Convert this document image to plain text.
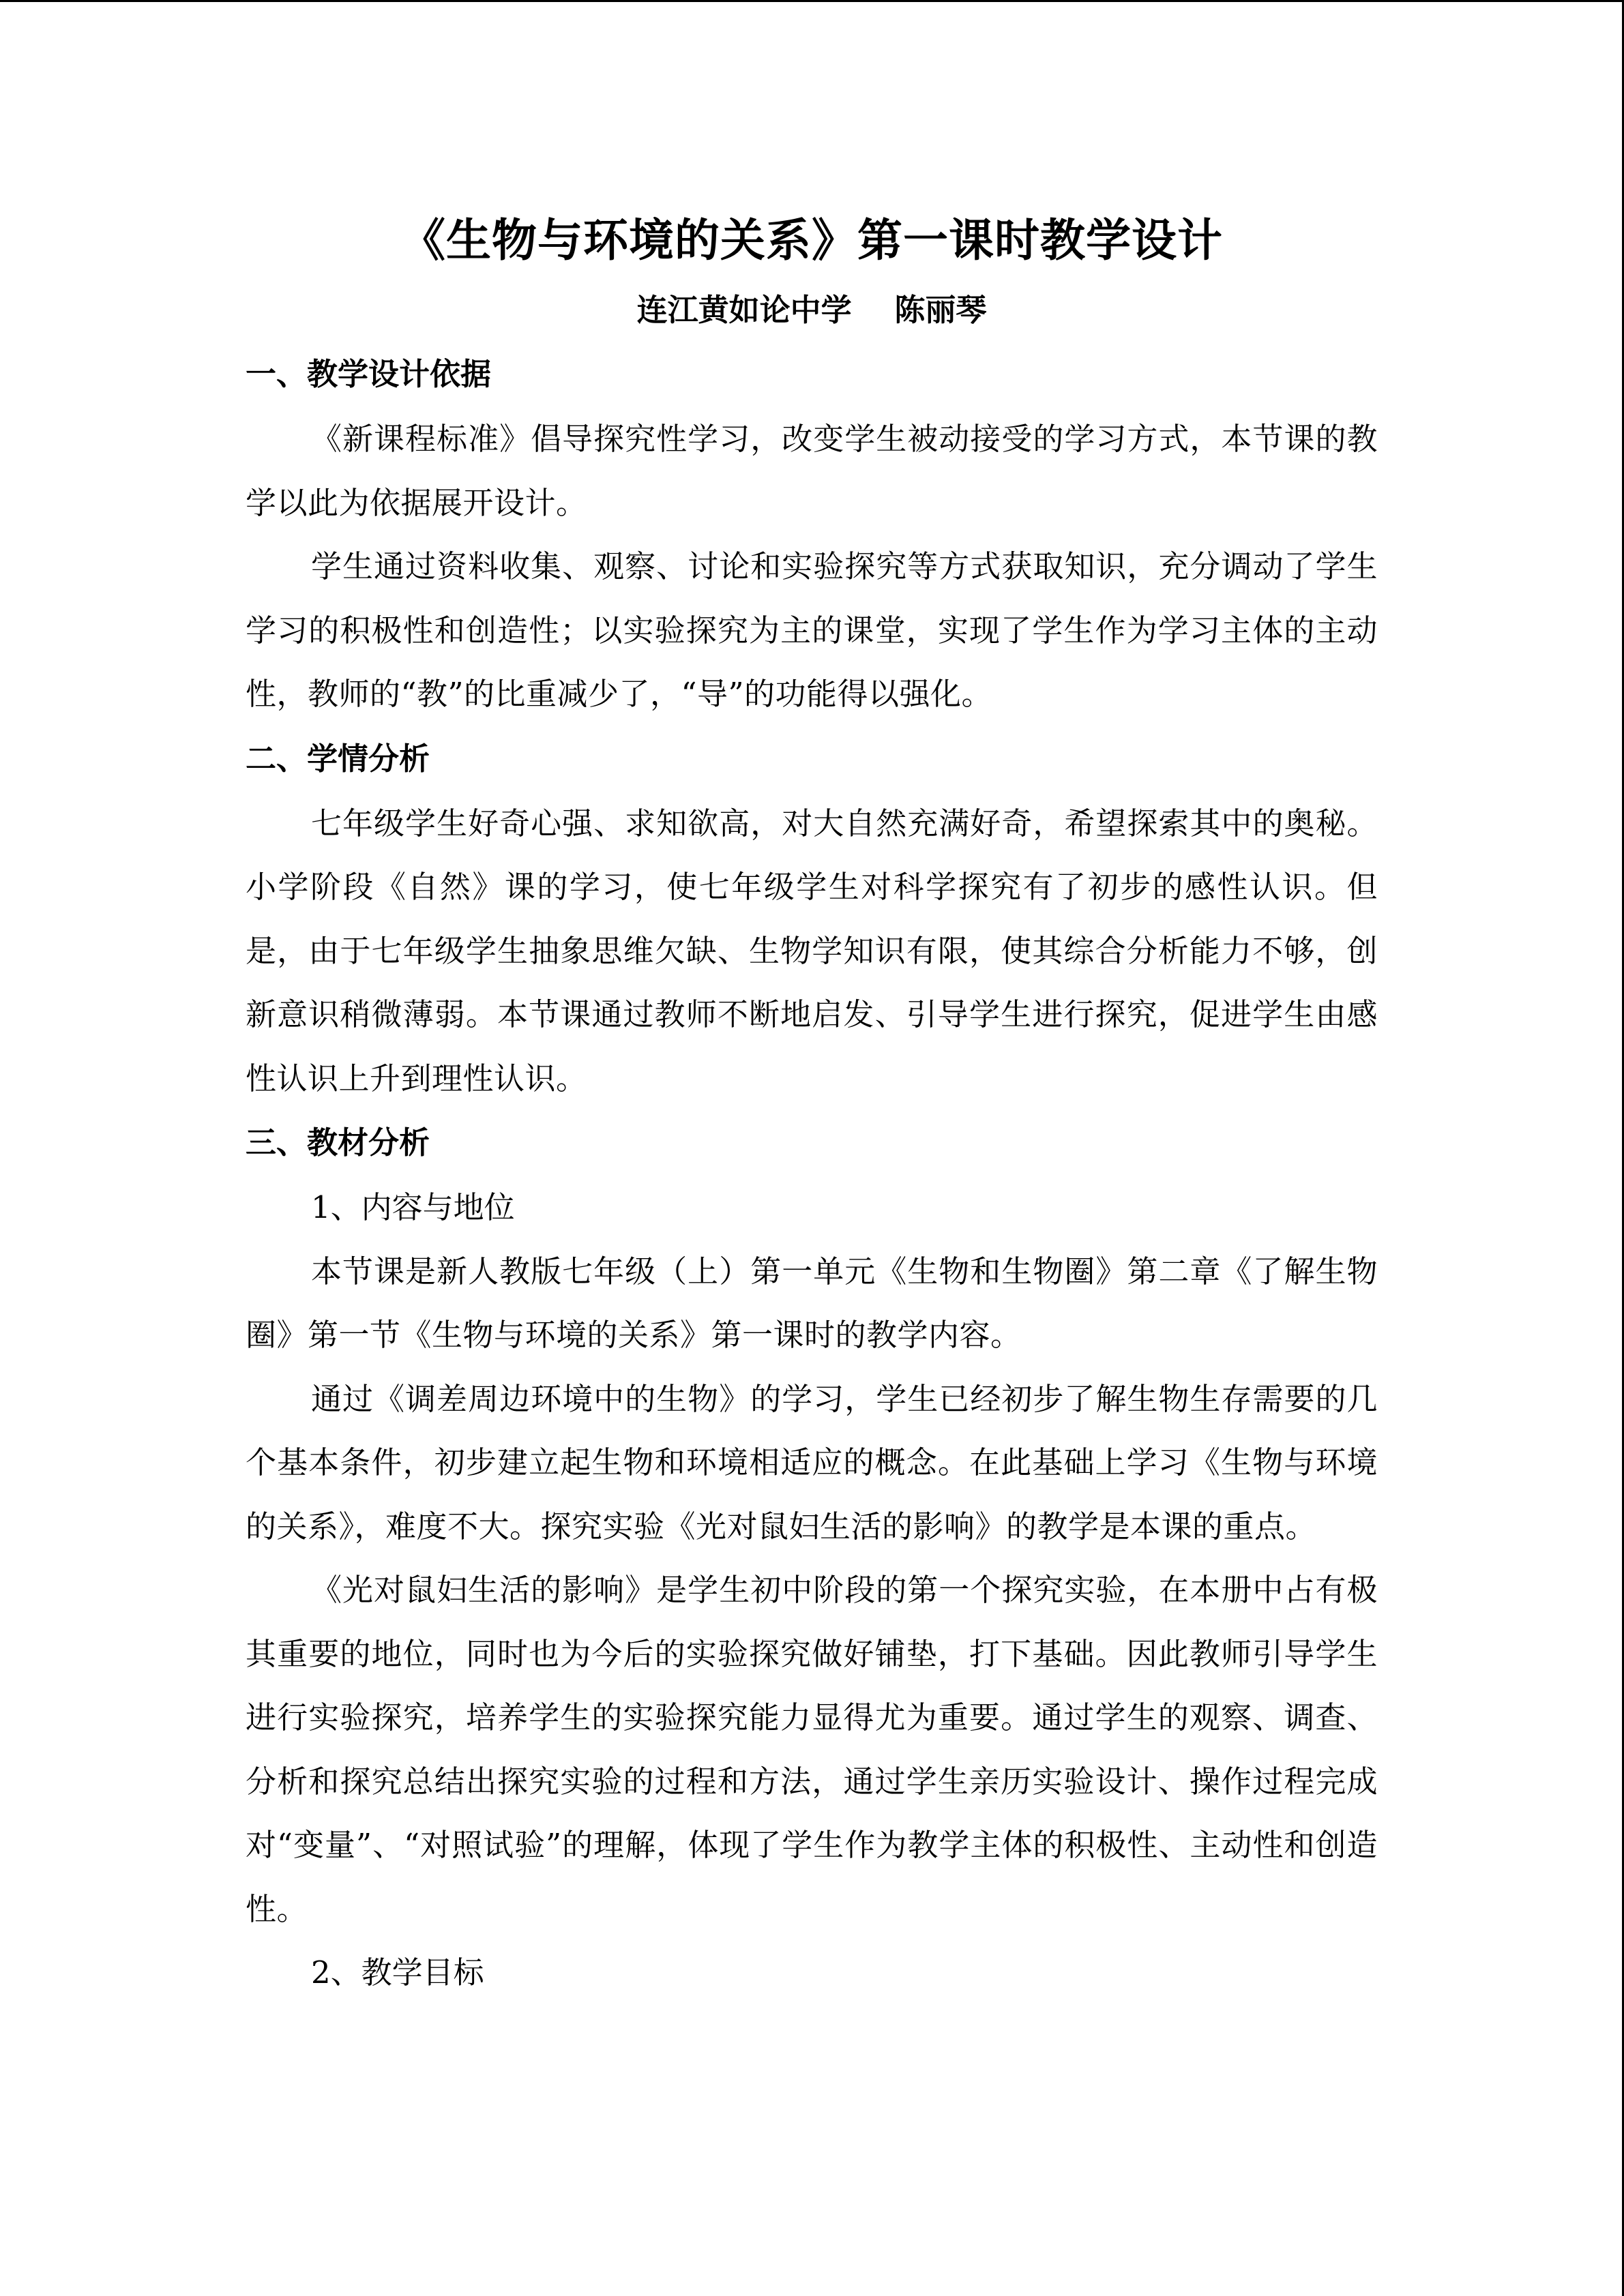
《生物与环境的关系》第一课时教学设计

连江黄如论中学    陈丽琴

一、教学设计依据

《新课程标准》倡导探究性学习，改变学生被动接受的学习方式，本节课的教学以此为依据展开设计。

学生通过资料收集、观察、讨论和实验探究等方式获取知识，充分调动了学生学习的积极性和创造性；以实验探究为主的课堂，实现了学生作为学习主体的主动性，教师的“教”的比重减少了，“导”的功能得以强化。

二、学情分析

七年级学生好奇心强、求知欲高，对大自然充满好奇，希望探索其中的奥秘。小学阶段《自然》课的学习，使七年级学生对科学探究有了初步的感性认识。但是，由于七年级学生抽象思维欠缺、生物学知识有限，使其综合分析能力不够，创新意识稍微薄弱。本节课通过教师不断地启发、引导学生进行探究，促进学生由感性认识上升到理性认识。

三、教材分析

1、内容与地位

本节课是新人教版七年级（上）第一单元《生物和生物圈》第二章《了解生物圈》第一节《生物与环境的关系》第一课时的教学内容。

通过《调差周边环境中的生物》的学习，学生已经初步了解生物生存需要的几个基本条件，初步建立起生物和环境相适应的概念。在此基础上学习《生物与环境的关系》，难度不大。探究实验《光对鼠妇生活的影响》的教学是本课的重点。

《光对鼠妇生活的影响》是学生初中阶段的第一个探究实验，在本册中占有极其重要的地位，同时也为今后的实验探究做好铺垫，打下基础。因此教师引导学生进行实验探究，培养学生的实验探究能力显得尤为重要。通过学生的观察、调查、分析和探究总结出探究实验的过程和方法，通过学生亲历实验设计、操作过程完成对“变量”、“对照试验”的理解，体现了学生作为教学主体的积极性、主动性和创造性。

2、教学目标
